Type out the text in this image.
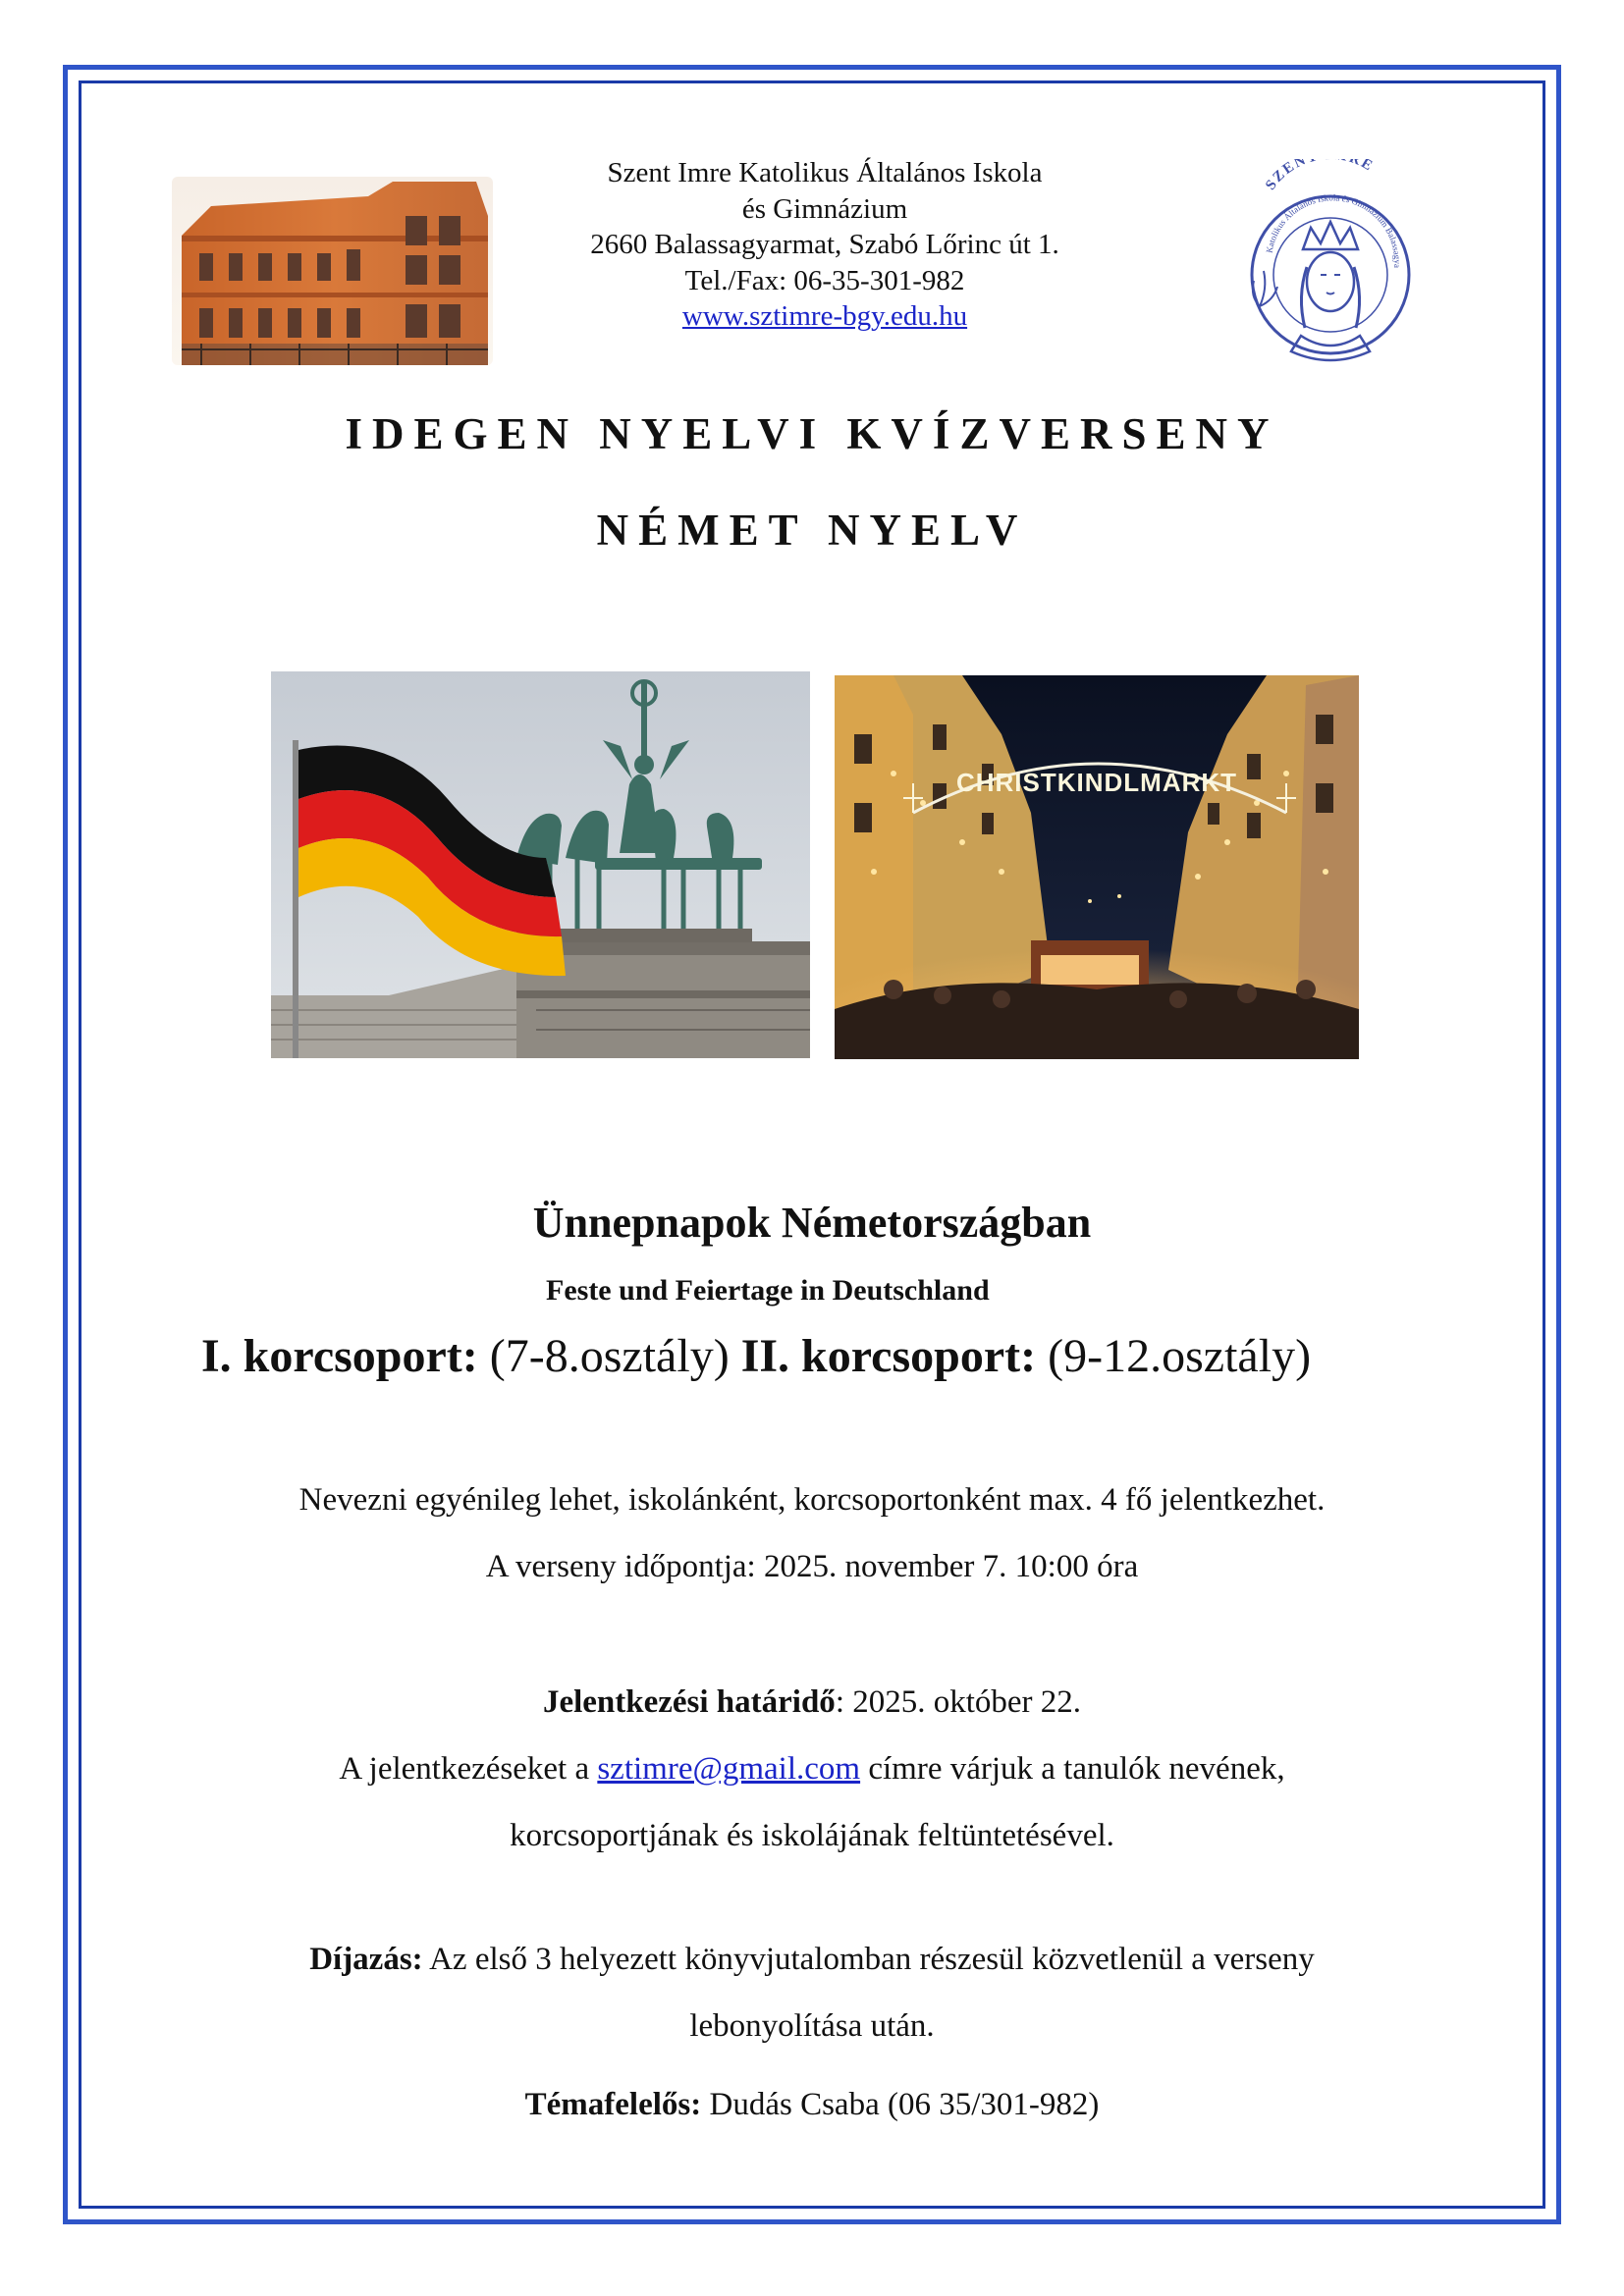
Szent Imre Katolikus Általános Iskola
és Gimnázium
2660 Balassagyarmat, Szabó Lőrinc út 1.
Tel./Fax: 06-35-301-982
www.sztimre-bgy.edu.hu
SZEN RE
Katolikus Általános Iskola és Gimnázium Balassagya
IDEGEN NYELVI KVÍZVERSENY
NÉMET NYELV
CHRISTKINDLMARKT
Ünnepnapok Németországban
Feste und Feiertage in Deutschland
I. korcsoport: (7-8.osztály) II. korcsoport: (9-12.osztály)
Nevezni egyénileg lehet, iskolánként, korcsoportonként max. 4 fő jelentkezhet.
A verseny időpontja: 2025. november 7. 10:00 óra
Jelentkezési határidő: 2025. október 22.
A jelentkezéseket a sztimre@gmail.com címre várjuk a tanulók nevének,
korcsoportjának és iskolájának feltüntetésével.
Díjazás: Az első 3 helyezett könyvjutalomban részesül közvetlenül a verseny
lebonyolítása után.
Témafelelős: Dudás Csaba (06 35/301-982)
